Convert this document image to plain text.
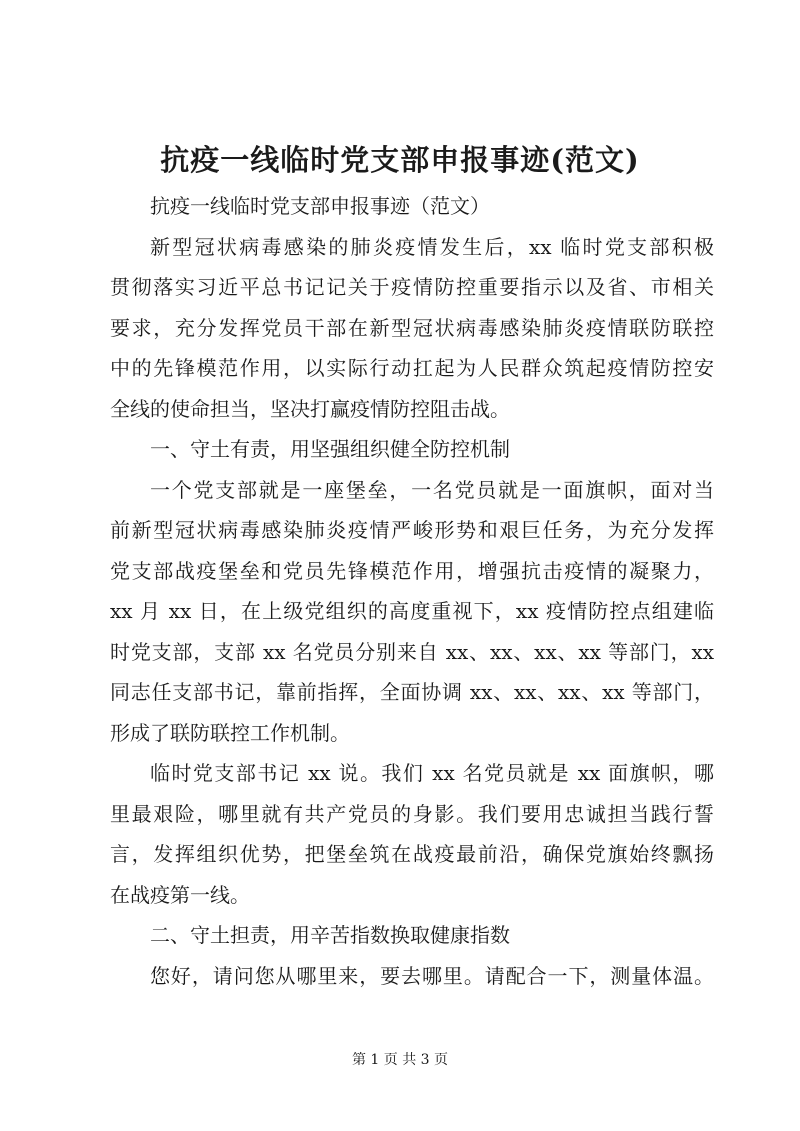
抗疫一线临时党支部申报事迹(范文)
抗疫一线临时党支部申报事迹（范文）
新型冠状病毒感染的肺炎疫情发生后，xx 临时党支部积极
贯彻落实习近平总书记记关于疫情防控重要指示以及省、市相关
要求，充分发挥党员干部在新型冠状病毒感染肺炎疫情联防联控
中的先锋模范作用，以实际行动扛起为人民群众筑起疫情防控安
全线的使命担当，坚决打赢疫情防控阻击战。
一、守土有责，用坚强组织健全防控机制
一个党支部就是一座堡垒，一名党员就是一面旗帜，面对当
前新型冠状病毒感染肺炎疫情严峻形势和艰巨任务，为充分发挥
党支部战疫堡垒和党员先锋模范作用，增强抗击疫情的凝聚力，
xx 月 xx 日，在上级党组织的高度重视下，xx 疫情防控点组建临
时党支部，支部 xx 名党员分别来自 xx、xx、xx、xx 等部门，xx
同志任支部书记，靠前指挥，全面协调 xx、xx、xx、xx 等部门，
形成了联防联控工作机制。
临时党支部书记 xx 说。我们 xx 名党员就是 xx 面旗帜，哪
里最艰险，哪里就有共产党员的身影。我们要用忠诚担当践行誓
言，发挥组织优势，把堡垒筑在战疫最前沿，确保党旗始终飘扬
在战疫第一线。
二、守土担责，用辛苦指数换取健康指数
您好，请问您从哪里来，要去哪里。请配合一下，测量体温。
第 1 页 共 3 页
